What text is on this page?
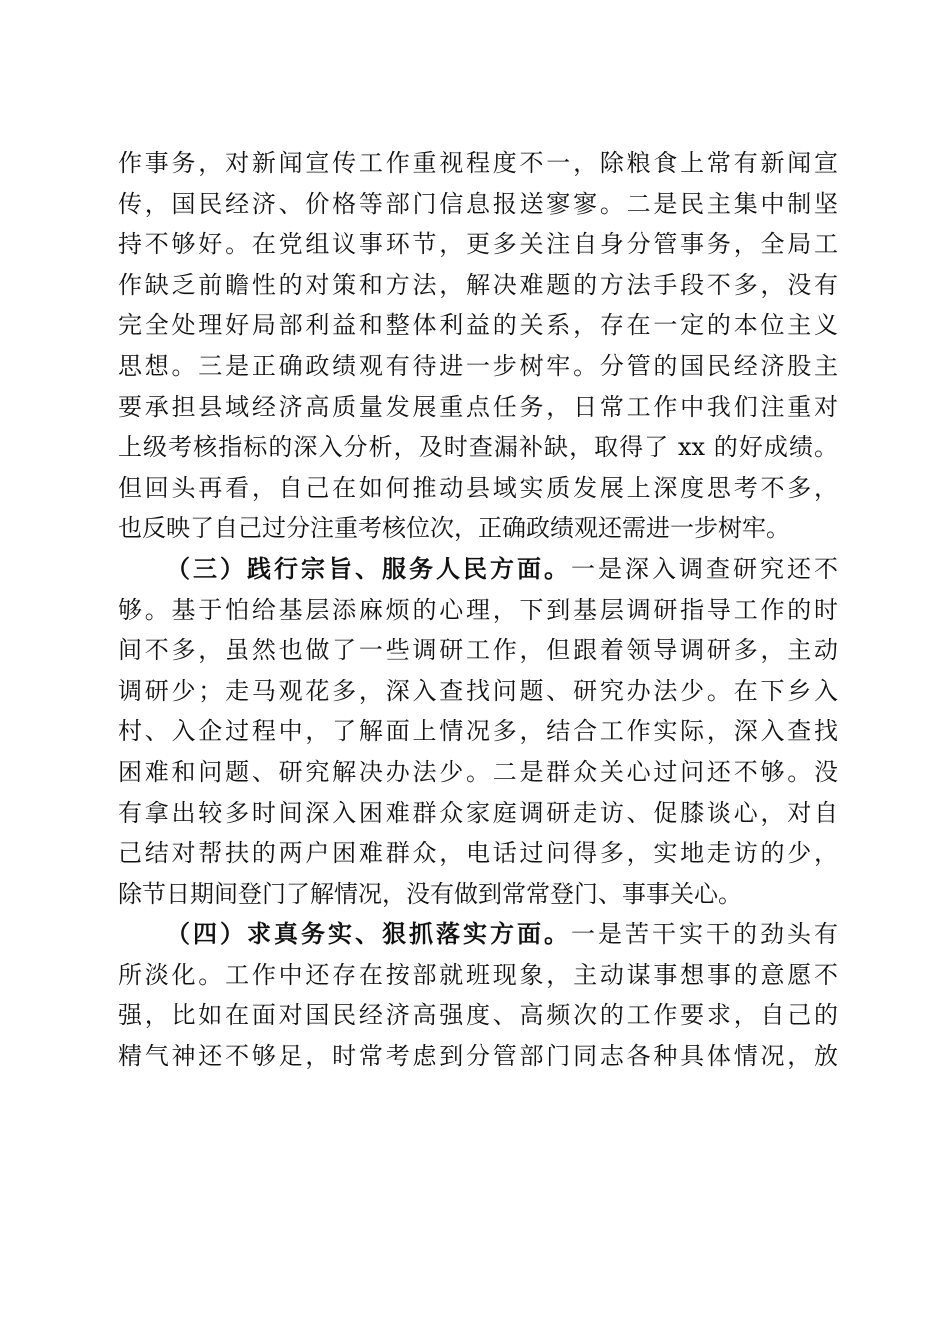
作事务，对新闻宣传工作重视程度不一，除粮食上常有新闻宣
传，国民经济、价格等部门信息报送寥寥。二是民主集中制坚
持不够好。在党组议事环节，更多关注自身分管事务，全局工
作缺乏前瞻性的对策和方法，解决难题的方法手段不多，没有
完全处理好局部利益和整体利益的关系，存在一定的本位主义
思想。三是正确政绩观有待进一步树牢。分管的国民经济股主
要承担县域经济高质量发展重点任务，日常工作中我们注重对
上级考核指标的深入分析，及时查漏补缺，取得了 xx 的好成绩。
但回头再看，自己在如何推动县域实质发展上深度思考不多，
也反映了自己过分注重考核位次，正确政绩观还需进一步树牢。
（三）践行宗旨、服务人民方面。一是深入调查研究还不
够。基于怕给基层添麻烦的心理，下到基层调研指导工作的时
间不多，虽然也做了一些调研工作，但跟着领导调研多，主动
调研少；走马观花多，深入查找问题、研究办法少。在下乡入
村、入企过程中，了解面上情况多，结合工作实际，深入查找
困难和问题、研究解决办法少。二是群众关心过问还不够。没
有拿出较多时间深入困难群众家庭调研走访、促膝谈心，对自
己结对帮扶的两户困难群众，电话过问得多，实地走访的少，
除节日期间登门了解情况，没有做到常常登门、事事关心。
（四）求真务实、狠抓落实方面。一是苦干实干的劲头有
所淡化。工作中还存在按部就班现象，主动谋事想事的意愿不
强，比如在面对国民经济高强度、高频次的工作要求，自己的
精气神还不够足，时常考虑到分管部门同志各种具体情况，放
